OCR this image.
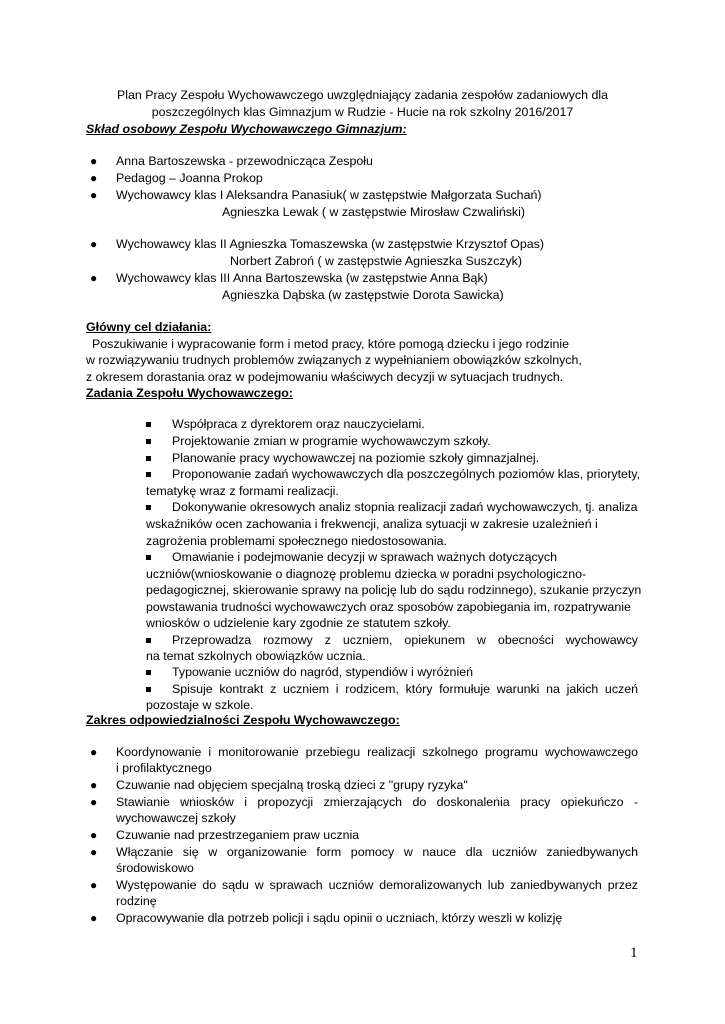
Plan Pracy Zespołu Wychowawczego uwzględniający zadania zespołów zadaniowych dla
poszczególnych klas Gimnazjum w Rudzie - Hucie na rok szkolny 2016/2017
Skład osobowy Zespołu Wychowawczego Gimnazjum:
● Anna Bartoszewska - przewodnicząca Zespołu
● Pedagog – Joanna Prokop
● Wychowawcy klas I Aleksandra Panasiuk( w zastępstwie Małgorzata Suchań)
Agnieszka Lewak ( w zastępstwie Mirosław Czwaliński)
● Wychowawcy klas II Agnieszka Tomaszewska (w zastępstwie Krzysztof Opas)
Norbert Zabroń ( w zastępstwie Agnieszka Suszczyk)
● Wychowawcy klas III Anna Bartoszewska (w zastępstwie Anna Bąk)
Agnieszka Dąbska (w zastępstwie Dorota Sawicka)
Główny cel działania:
Poszukiwanie i wypracowanie form i metod pracy, które pomogą dziecku i jego rodzinie
w rozwiązywaniu trudnych problemów związanych z wypełnianiem obowiązków szkolnych,
z okresem dorastania oraz w podejmowaniu właściwych decyzji w sytuacjach trudnych.
Zadania Zespołu Wychowawczego:
Współpraca z dyrektorem oraz nauczycielami.
Projektowanie zmian w programie wychowawczym szkoły.
Planowanie pracy wychowawczej na poziomie szkoły gimnazjalnej.
Proponowanie zadań wychowawczych dla poszczególnych poziomów klas, priorytety,
tematykę wraz z formami realizacji.
Dokonywanie okresowych analiz stopnia realizacji zadań wychowawczych, tj. analiza
wskaźników ocen zachowania i frekwencji, analiza sytuacji w zakresie uzależnień i
zagrożenia problemami społecznego niedostosowania.
Omawianie i podejmowanie decyzji w sprawach ważnych dotyczących
uczniów(wnioskowanie o diagnozę problemu dziecka w poradni psychologiczno-
pedagogicznej, skierowanie sprawy na policję lub do sądu rodzinnego), szukanie przyczyn
powstawania trudności wychowawczych oraz sposobów zapobiegania im, rozpatrywanie
wniosków o udzielenie kary zgodnie ze statutem szkoły.
Przeprowadza rozmowy z uczniem, opiekunem w obecności wychowawcy
na temat szkolnych obowiązków ucznia.
Typowanie uczniów do nagród, stypendiów i wyróżnień
Spisuje kontrakt z uczniem i rodzicem, który formułuje warunki na jakich uczeń
pozostaje w szkole.
Zakres odpowiedzialności Zespołu Wychowawczego:
● Koordynowanie i monitorowanie przebiegu realizacji szkolnego programu wychowawczego
i profilaktycznego
● Czuwanie nad objęciem specjalną troską dzieci z "grupy ryzyka"
● Stawianie wniosków i propozycji zmierzających do doskonalenia pracy opiekuńczo -
wychowawczej szkoły
● Czuwanie nad przestrzeganiem praw ucznia
● Włączanie się w organizowanie form pomocy w nauce dla uczniów zaniedbywanych
środowiskowo
● Występowanie do sądu w sprawach uczniów demoralizowanych lub zaniedbywanych przez
rodzinę
● Opracowywanie dla potrzeb policji i sądu opinii o uczniach, którzy weszli w kolizję
1
